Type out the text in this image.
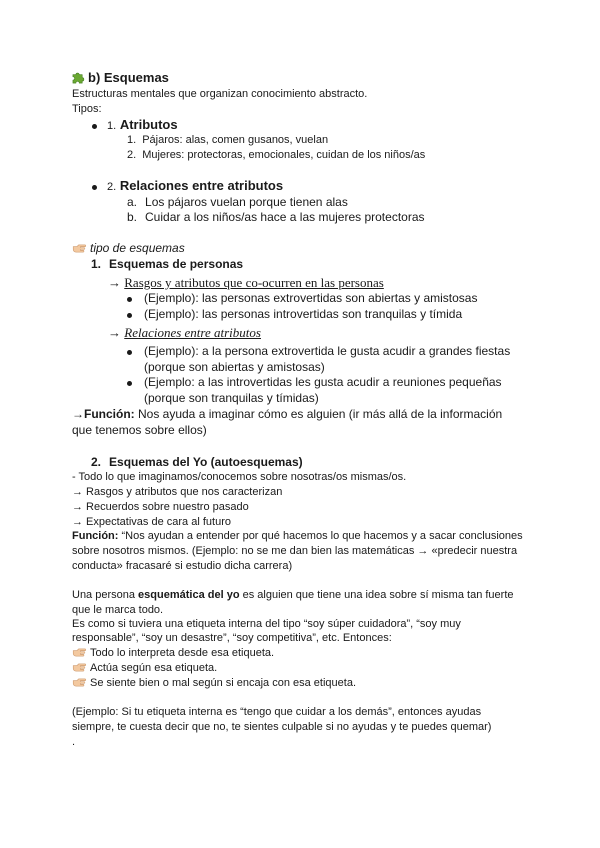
b) Esquemas
Estructuras mentales que organizan conocimiento abstracto.
Tipos:
1. Atributos
1. Pájaros: alas, comen gusanos, vuelan
2. Mujeres: protectoras, emocionales, cuidan de los niños/as
2. Relaciones entre atributos
a. Los pájaros vuelan porque tienen alas
b. Cuidar a los niños/as hace a las mujeres protectoras
tipo de esquemas
1. Esquemas de personas
→ Rasgos y atributos que co-ocurren en las personas
(Ejemplo): las personas extrovertidas son abiertas y amistosas
(Ejemplo): las personas introvertidas son tranquilas y tímida
→ Relaciones entre atributos
(Ejemplo): a la persona extrovertida le gusta acudir a grandes fiestas
(porque son abiertas y amistosas)
(Ejemplo: a las introvertidas les gusta acudir a reuniones pequeñas
(porque son tranquilas y tímidas)
→Función: Nos ayuda a imaginar cómo es alguien (ir más allá de la información
que tenemos sobre ellos)
2. Esquemas del Yo (autoesquemas)
- Todo lo que imaginamos/conocemos sobre nosotras/os mismas/os.
→ Rasgos y atributos que nos caracterizan
→ Recuerdos sobre nuestro pasado
→ Expectativas de cara al futuro
Función: “Nos ayudan a entender por qué hacemos lo que hacemos y a sacar conclusiones
sobre nosotros mismos. (Ejemplo: no se me dan bien las matemáticas → «predecir nuestra
conducta» fracasaré si estudio dicha carrera)
Una persona esquemática del yo es alguien que tiene una idea sobre sí misma tan fuerte
que le marca todo.
Es como si tuviera una etiqueta interna del tipo “soy súper cuidadora”, “soy muy
responsable”, “soy un desastre”, “soy competitiva”, etc. Entonces:
Todo lo interpreta desde esa etiqueta.
Actúa según esa etiqueta.
Se siente bien o mal según si encaja con esa etiqueta.
(Ejemplo: Si tu etiqueta interna es “tengo que cuidar a los demás”, entonces ayudas
siempre, te cuesta decir que no, te sientes culpable si no ayudas y te puedes quemar)
.
